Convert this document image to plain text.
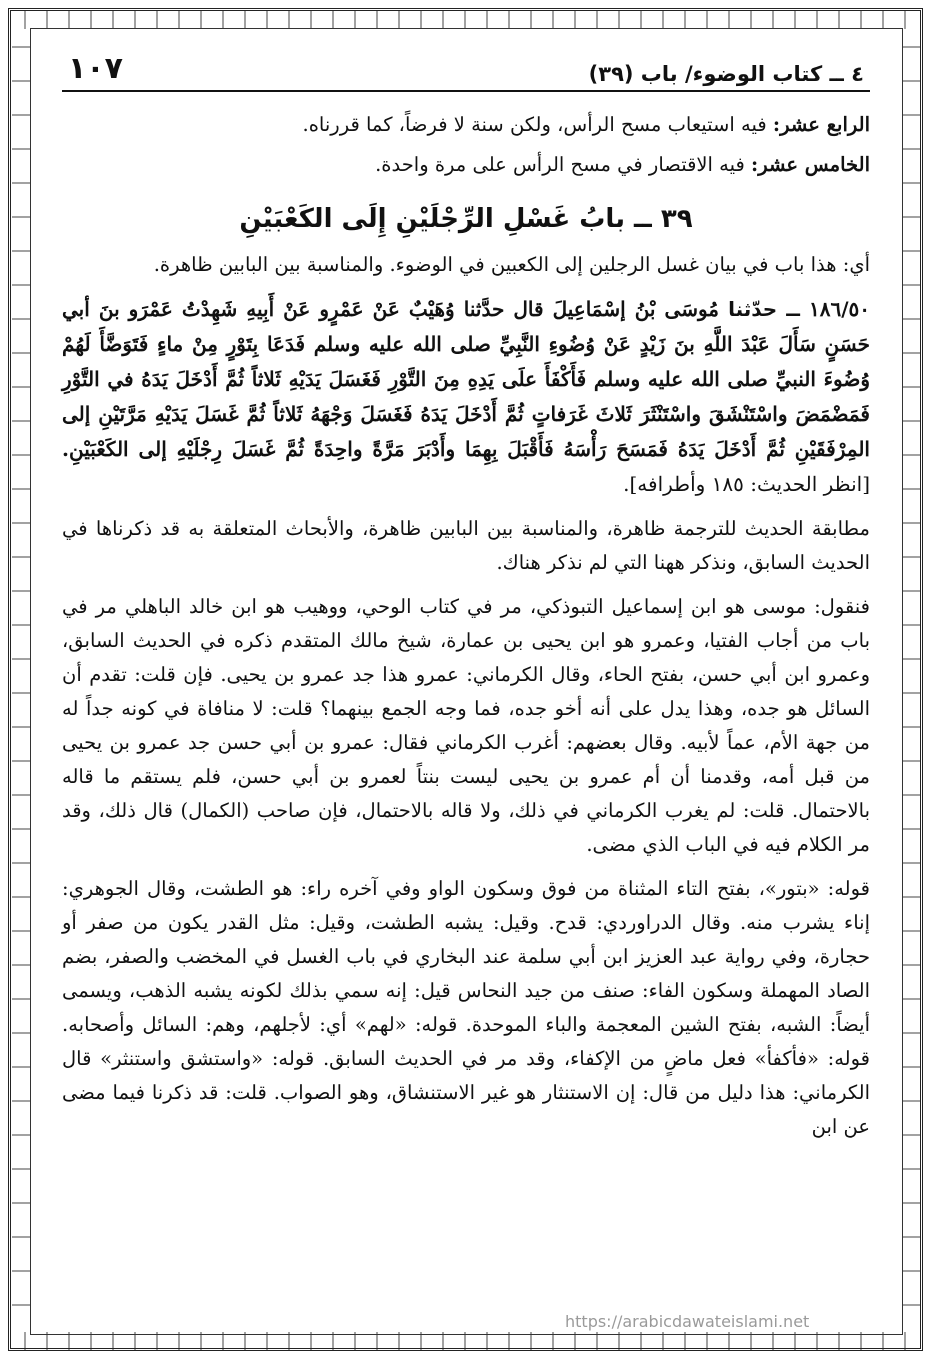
٤ ــ كتاب الوضوء/ باب (٣٩)
١٠٧

الرابع عشر: فيه استيعاب مسح الرأس، ولكن سنة لا فرضاً، كما قررناه.

الخامس عشر: فيه الاقتصار في مسح الرأس على مرة واحدة.

٣٩ ــ بابُ غَسْلِ الرِّجْلَيْنِ إِلَى الكَعْبَيْنِ

أي: هذا باب في بيان غسل الرجلين إلى الكعبين في الوضوء. والمناسبة بين البابين ظاهرة.

١٨٦/٥٠ ــ حدّثنا مُوسَى بْنُ إسْمَاعِيلَ قال حدَّثنا وُهَيْبٌ عَنْ عَمْرٍو عَنْ أَبِيهِ شَهِدْتُ عَمْرَو بنَ أبي حَسَنٍ سَأَلَ عَبْدَ اللَّهِ بنَ زَيْدٍ عَنْ وُضُوءِ النَّبِيِّ صلى الله عليه وسلم فَدَعَا بِتَوْرٍ مِنْ ماءٍ فَتَوَضَّأَ لَهُمْ وُضُوءَ النبيِّ صلى الله عليه وسلم فَأَكْفَأَ علَى يَدِهِ مِنَ التَّوْرِ فَغَسَلَ يَدَيْهِ ثَلاثاً ثُمَّ أَدْخَلَ يَدَهُ في التَّوْرِ فَمَضْمَضَ واسْتَنْشَقَ واسْتَنْثَرَ ثَلاثَ غَرَفاتٍ ثُمَّ أَدْخَلَ يَدَهُ فَغَسَلَ وَجْهَهُ ثَلاثاً ثُمَّ غَسَلَ يَدَيْهِ مَرَّتَيْنِ إلى المِرْفَقَيْنِ ثُمَّ أَدْخَلَ يَدَهُ فَمَسَحَ رَأْسَهُ فَأَقْبَلَ بِهِمَا وأَدْبَرَ مَرَّةً واحِدَةً ثُمَّ غَسَلَ رِجْلَيْهِ إلى الكَعْبَيْنِ. [انظر الحديث: ١٨٥ وأطرافه].

مطابقة الحديث للترجمة ظاهرة، والمناسبة بين البابين ظاهرة، والأبحاث المتعلقة به قد ذكرناها في الحديث السابق، ونذكر ههنا التي لم نذكر هناك.

فنقول: موسى هو ابن إسماعيل التبوذكي، مر في كتاب الوحي، ووهيب هو ابن خالد الباهلي مر في باب من أجاب الفتيا، وعمرو هو ابن يحيى بن عمارة، شيخ مالك المتقدم ذكره في الحديث السابق، وعمرو ابن أبي حسن، بفتح الحاء، وقال الكرماني: عمرو هذا جد عمرو بن يحيى. فإن قلت: تقدم أن السائل هو جده، وهذا يدل على أنه أخو جده، فما وجه الجمع بينهما؟ قلت: لا منافاة في كونه جداً له من جهة الأم، عماً لأبيه. وقال بعضهم: أغرب الكرماني فقال: عمرو بن أبي حسن جد عمرو بن يحيى من قبل أمه، وقدمنا أن أم عمرو بن يحيى ليست بنتاً لعمرو بن أبي حسن، فلم يستقم ما قاله بالاحتمال. قلت: لم يغرب الكرماني في ذلك، ولا قاله بالاحتمال، فإن صاحب (الكمال) قال ذلك، وقد مر الكلام فيه في الباب الذي مضى.

قوله: «بتور»، بفتح التاء المثناة من فوق وسكون الواو وفي آخره راء: هو الطشت، وقال الجوهري: إناء يشرب منه. وقال الدراوردي: قدح. وقيل: يشبه الطشت، وقيل: مثل القدر يكون من صفر أو حجارة، وفي رواية عبد العزيز ابن أبي سلمة عند البخاري في باب الغسل في المخضب والصفر، بضم الصاد المهملة وسكون الفاء: صنف من جيد النحاس قيل: إنه سمي بذلك لكونه يشبه الذهب، ويسمى أيضاً: الشبه، بفتح الشين المعجمة والباء الموحدة. قوله: «لهم» أي: لأجلهم، وهم: السائل وأصحابه. قوله: «فأكفأ» فعل ماضٍ من الإكفاء، وقد مر في الحديث السابق. قوله: «واستشق واستنثر» قال الكرماني: هذا دليل من قال: إن الاستنثار هو غير الاستنشاق، وهو الصواب. قلت: قد ذكرنا فيما مضى عن ابن

https://arabicdawateislami.net
